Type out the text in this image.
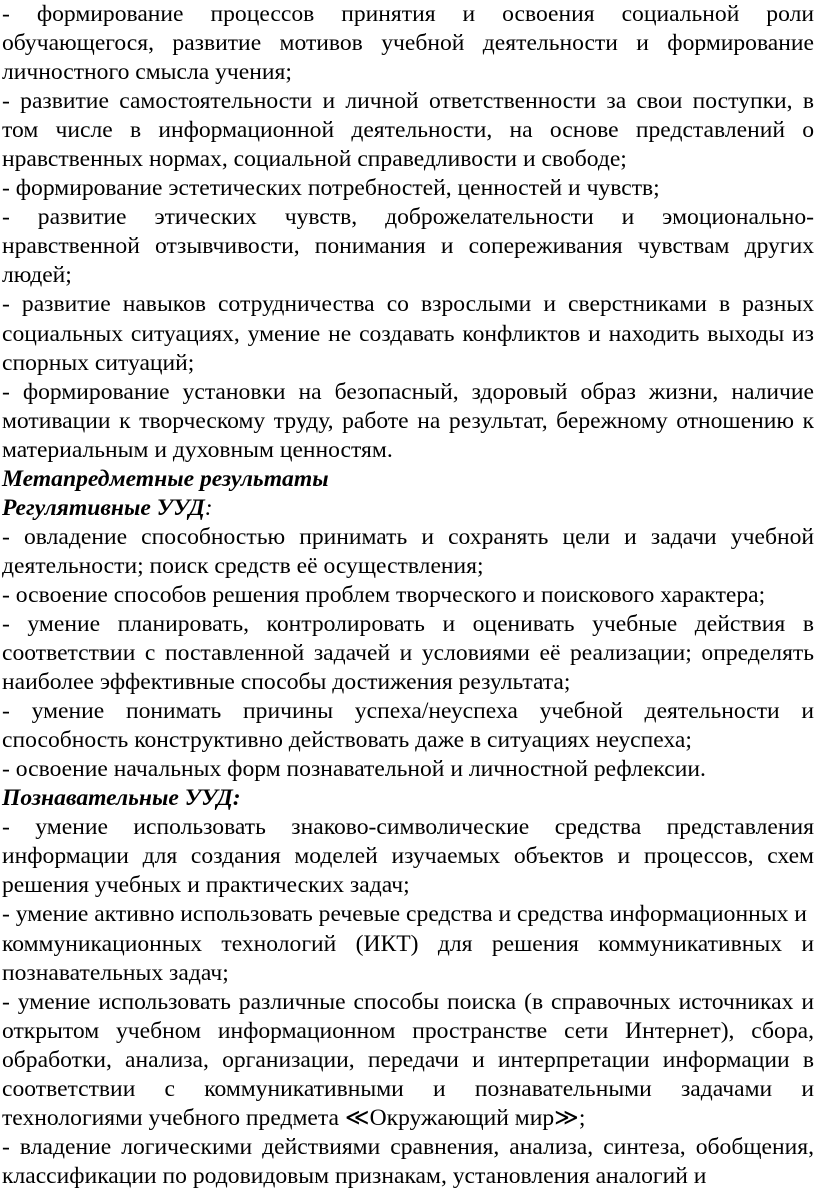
- формирование процессов принятия и освоения социальной роли обучающегося, развитие мотивов учебной деятельности и формирование личностного смысла учения;

- развитие самостоятельности и личной ответственности за свои поступки, в том числе в информационной деятельности, на основе представлений о нравственных нормах, социальной справедливости и свободе;

- формирование эстетических потребностей, ценностей и чувств;

- развитие этических чувств, доброжелательности и эмоционально-нравственной отзывчивости, понимания и сопереживания чувствам других людей;

- развитие навыков сотрудничества со взрослыми и сверстниками в разных социальных ситуациях, умение не создавать конфликтов и находить выходы из спорных ситуаций;

- формирование установки на безопасный, здоровый образ жизни, наличие мотивации к творческому труду, работе на результат, бережному отношению к материальным и духовным ценностям.

Метапредметные результаты

Регулятивные УУД:

- овладение способностью принимать и сохранять цели и задачи учебной деятельности; поиск средств её осуществления;

- освоение способов решения проблем творческого и поискового характера;

- умение планировать, контролировать и оценивать учебные действия в соответствии с поставленной задачей и условиями её реализации; определять наиболее эффективные способы достижения результата;

- умение понимать причины успеха/неуспеха учебной деятельности и способность конструктивно действовать даже в ситуациях неуспеха;

- освоение начальных форм познавательной и личностной рефлексии.

Познавательные УУД:

- умение использовать знаково-символические средства представления информации для создания моделей изучаемых объектов и процессов, схем решения учебных и практических задач;

- умение активно использовать речевые средства и средства информационных и

коммуникационных технологий (ИКТ) для решения коммуникативных и познавательных задач;

- умение использовать различные способы поиска (в справочных источниках и открытом учебном информационном пространстве сети Интернет), сбора, обработки, анализа, организации, передачи и интерпретации информации в соответствии с коммуникативными и познавательными задачами и технологиями учебного предмета ≪Окружающий мир≫;

- владение логическими действиями сравнения, анализа, синтеза, обобщения, классификации по родовидовым признакам, установления аналогий и
